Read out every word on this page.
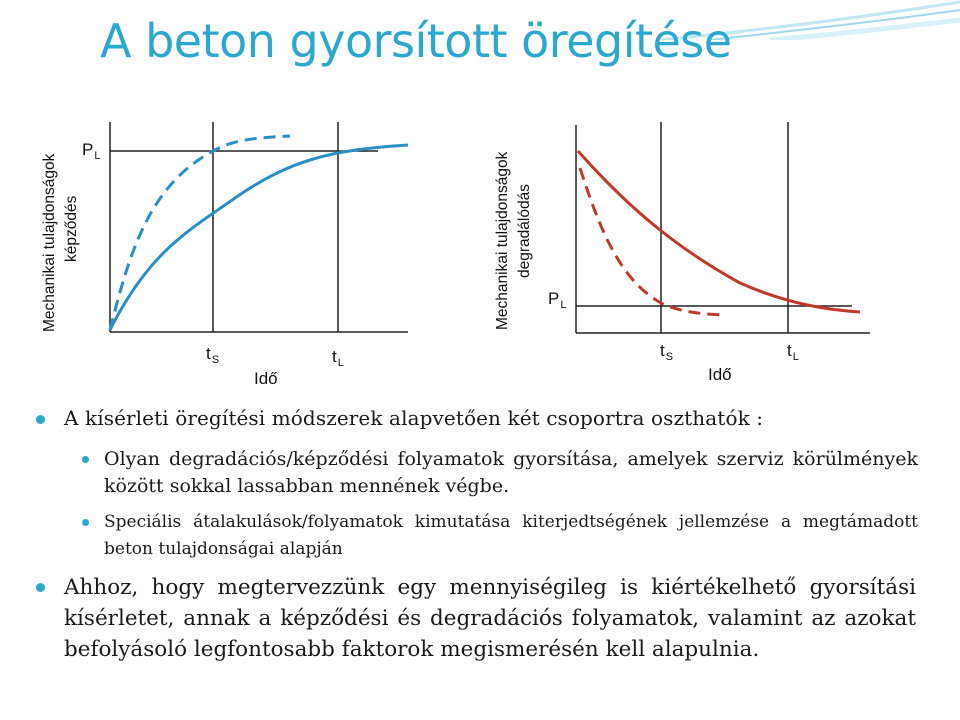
A beton gyorsított öregítése
Mechanikai tulajdonságok képződés
$P_L$
$t_S$	$t_L$
Idő
Mechanikai tulajdonságok degradálódás
$P_L$
$t_S$	$t_L$
Idő
A kísérleti öregítési módszerek alapvetően két csoportra oszthatók :
Olyan degradációs/képződési folyamatok gyorsítása, amelyek szerviz körülmények között sokkal lassabban mennének végbe.
Speciális átalakulások/folyamatok kimutatása kiterjedtségének jellemzése a megtámadott beton tulajdonságai alapján
Ahhoz, hogy megtervezzünk egy mennyiségileg is kiértékelhető gyorsítási kísérletet, annak a képződési és degradációs folyamatok, valamint az azokat befolyásoló legfontosabb faktorok megismerésén kell alapulnia.
